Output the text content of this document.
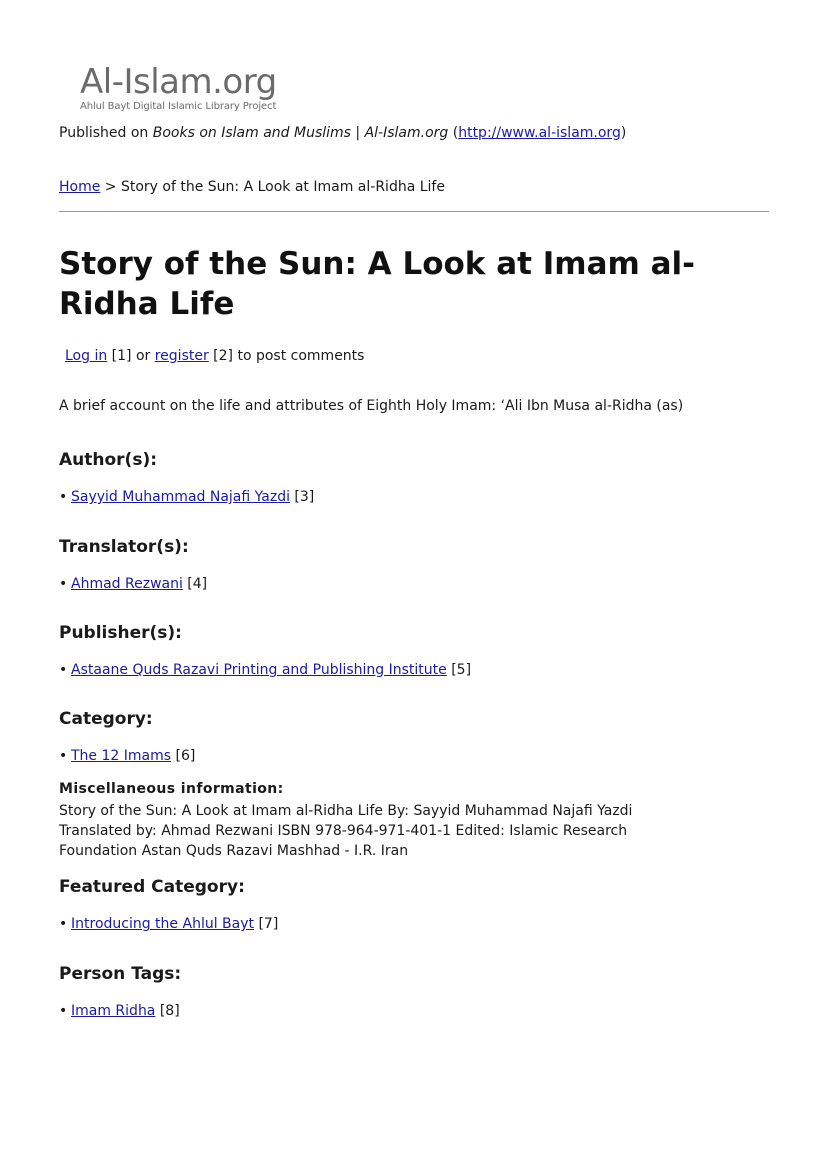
Al-Islam.org
Ahlul Bayt Digital Islamic Library Project
Published on Books on Islam and Muslims | Al-Islam.org (http://www.al-islam.org)
Home > Story of the Sun: A Look at Imam al-Ridha Life
Story of the Sun: A Look at Imam al-Ridha Life
Log in [1] or register [2] to post comments
A brief account on the life and attributes of Eighth Holy Imam: ‘Ali Ibn Musa al-Ridha (as)
Author(s):
• Sayyid Muhammad Najafi Yazdi [3]
Translator(s):
• Ahmad Rezwani [4]
Publisher(s):
• Astaane Quds Razavi Printing and Publishing Institute [5]
Category:
• The 12 Imams [6]
Miscellaneous information:
Story of the Sun: A Look at Imam al-Ridha Life By: Sayyid Muhammad Najafi Yazdi Translated by: Ahmad Rezwani ISBN 978-964-971-401-1 Edited: Islamic Research Foundation Astan Quds Razavi Mashhad - I.R. Iran
Featured Category:
• Introducing the Ahlul Bayt [7]
Person Tags:
• Imam Ridha [8]
